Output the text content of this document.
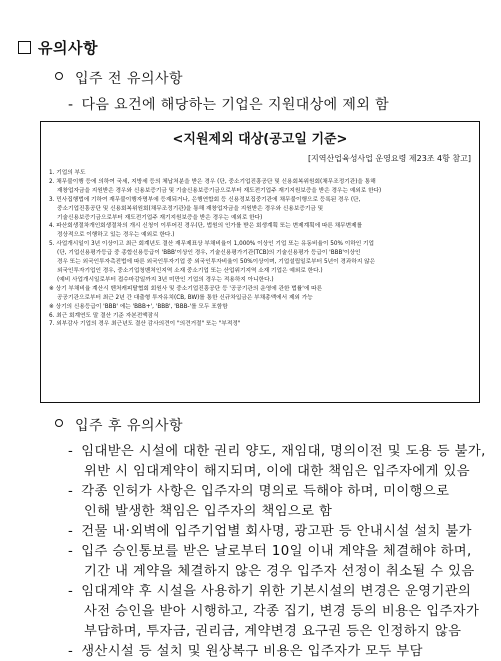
유의사항
입주 전 유의사항
- 다음 요건에 해당하는 기업은 지원대상에 제외 함
<지원제외 대상(공고일 기준>
[지역산업육성사업 운영요령 제23조 4항 참고]
1. 기업의 부도
2. 채무불이행 등에 의하여 국세, 지방세 등의 체납처분을 받은 경우 (단, 중소기업진흥공단 및 신용회복위원회(채무조정기관)을 통해
재창업자금을 지원받은 경우와 신용보증기금 및 기술신용보증기금으로부터 재도전기업주 재기지원보증을 받은 경우는 예외로 한다)
3. 민사집행법에 기하여 재무불이행자명부에 등재되거나, 은행연합회 등 신용정보집중기관에 채무불이행으로 등록된 경우 (단,
중소기업진흥공단 및 신용회복위원회(채무조정기관)을 통해 재창업자금을 지원받은 경우와 신용보증기금 및
기술신용보증기금으로부터 재도전기업주 재기지원보증을 받은 경우는 예외로 한다)
4. 파산회생절차개인회생절차의 개시 신청이 이루어진 경우(단, 법원의 인가를 받은 회생계획 또는 변제계획에 따른 채무변제를
정상적으로 이행하고 있는 경우는 예외로 한다.)
5. 사업개시일이 3년 이상이고 최근 회계년도 결산 재무제표상 부채비율이 1,000% 이상인 기업 또는 유동비율이 50% 이하인 기업
(단, 기업신용평가등급 중 종합신용등급이 'BBB'이상인 경우, 기술신용평가기관(TCB)의 기술신용평가 등급이 'BBB'이상인
경우 또는 외국인투자촉진법에 따른 외국인투자기업 중 외국인투자비율이 50%이상이며, 기업설립일로부터 5년이 경과하지 않은
외국인투자기업인 경우, 중소기업청벤처인지역 소재 중소기업 또는 산업위기지역 소재 기업은 예외로 한다.)
(예비 사업개시일로부터 접수마감일까지 3년 미만인 기업의 경우는 적용하지 아니한다.)
※ 상기 부채비율 계산시 벤처캐피탈협회 회원사 및 중소기업진흥공단 등 '공공기관의 운영에 관한 법률'에 따른
공공기관으로부터 최근 2년 간 대출형 투자유치(CB, BW)를 통한 신규차입금은 부채총액에서 제외 가능
※ 상기의 신용등급이 'BBB' 에는 'BBB+', 'BBB', 'BBB-'를 모두 포함함
6. 최근 회계연도 말 결산 기준 자본전액잠식
7. 외부감사 기업의 경우 최근년도 결산 감사의견이 "의견거절" 또는 "부적정"
입주 후 유의사항
- 임대받은 시설에 대한 권리 양도, 재임대, 명의이전 및 도용 등 불가,
위반 시 임대계약이 해지되며, 이에 대한 책임은 입주자에게 있음
- 각종 인허가 사항은 입주자의 명의로 득해야 하며, 미이행으로
인해 발생한 책임은 입주자의 책임으로 함
- 건물 내·외벽에 입주기업별 회사명, 광고판 등 안내시설 설치 불가
- 입주 승인통보를 받은 날로부터 10일 이내 계약을 체결해야 하며,
기간 내 계약을 체결하지 않은 경우 입주자 선정이 취소될 수 있음
- 임대계약 후 시설을 사용하기 위한 기본시설의 변경은 운영기관의
사전 승인을 받아 시행하고, 각종 집기, 변경 등의 비용은 입주자가
부담하며, 투자금, 권리금, 계약변경 요구권 등은 인정하지 않음
- 생산시설 등 설치 및 원상복구 비용은 입주자가 모두 부담
